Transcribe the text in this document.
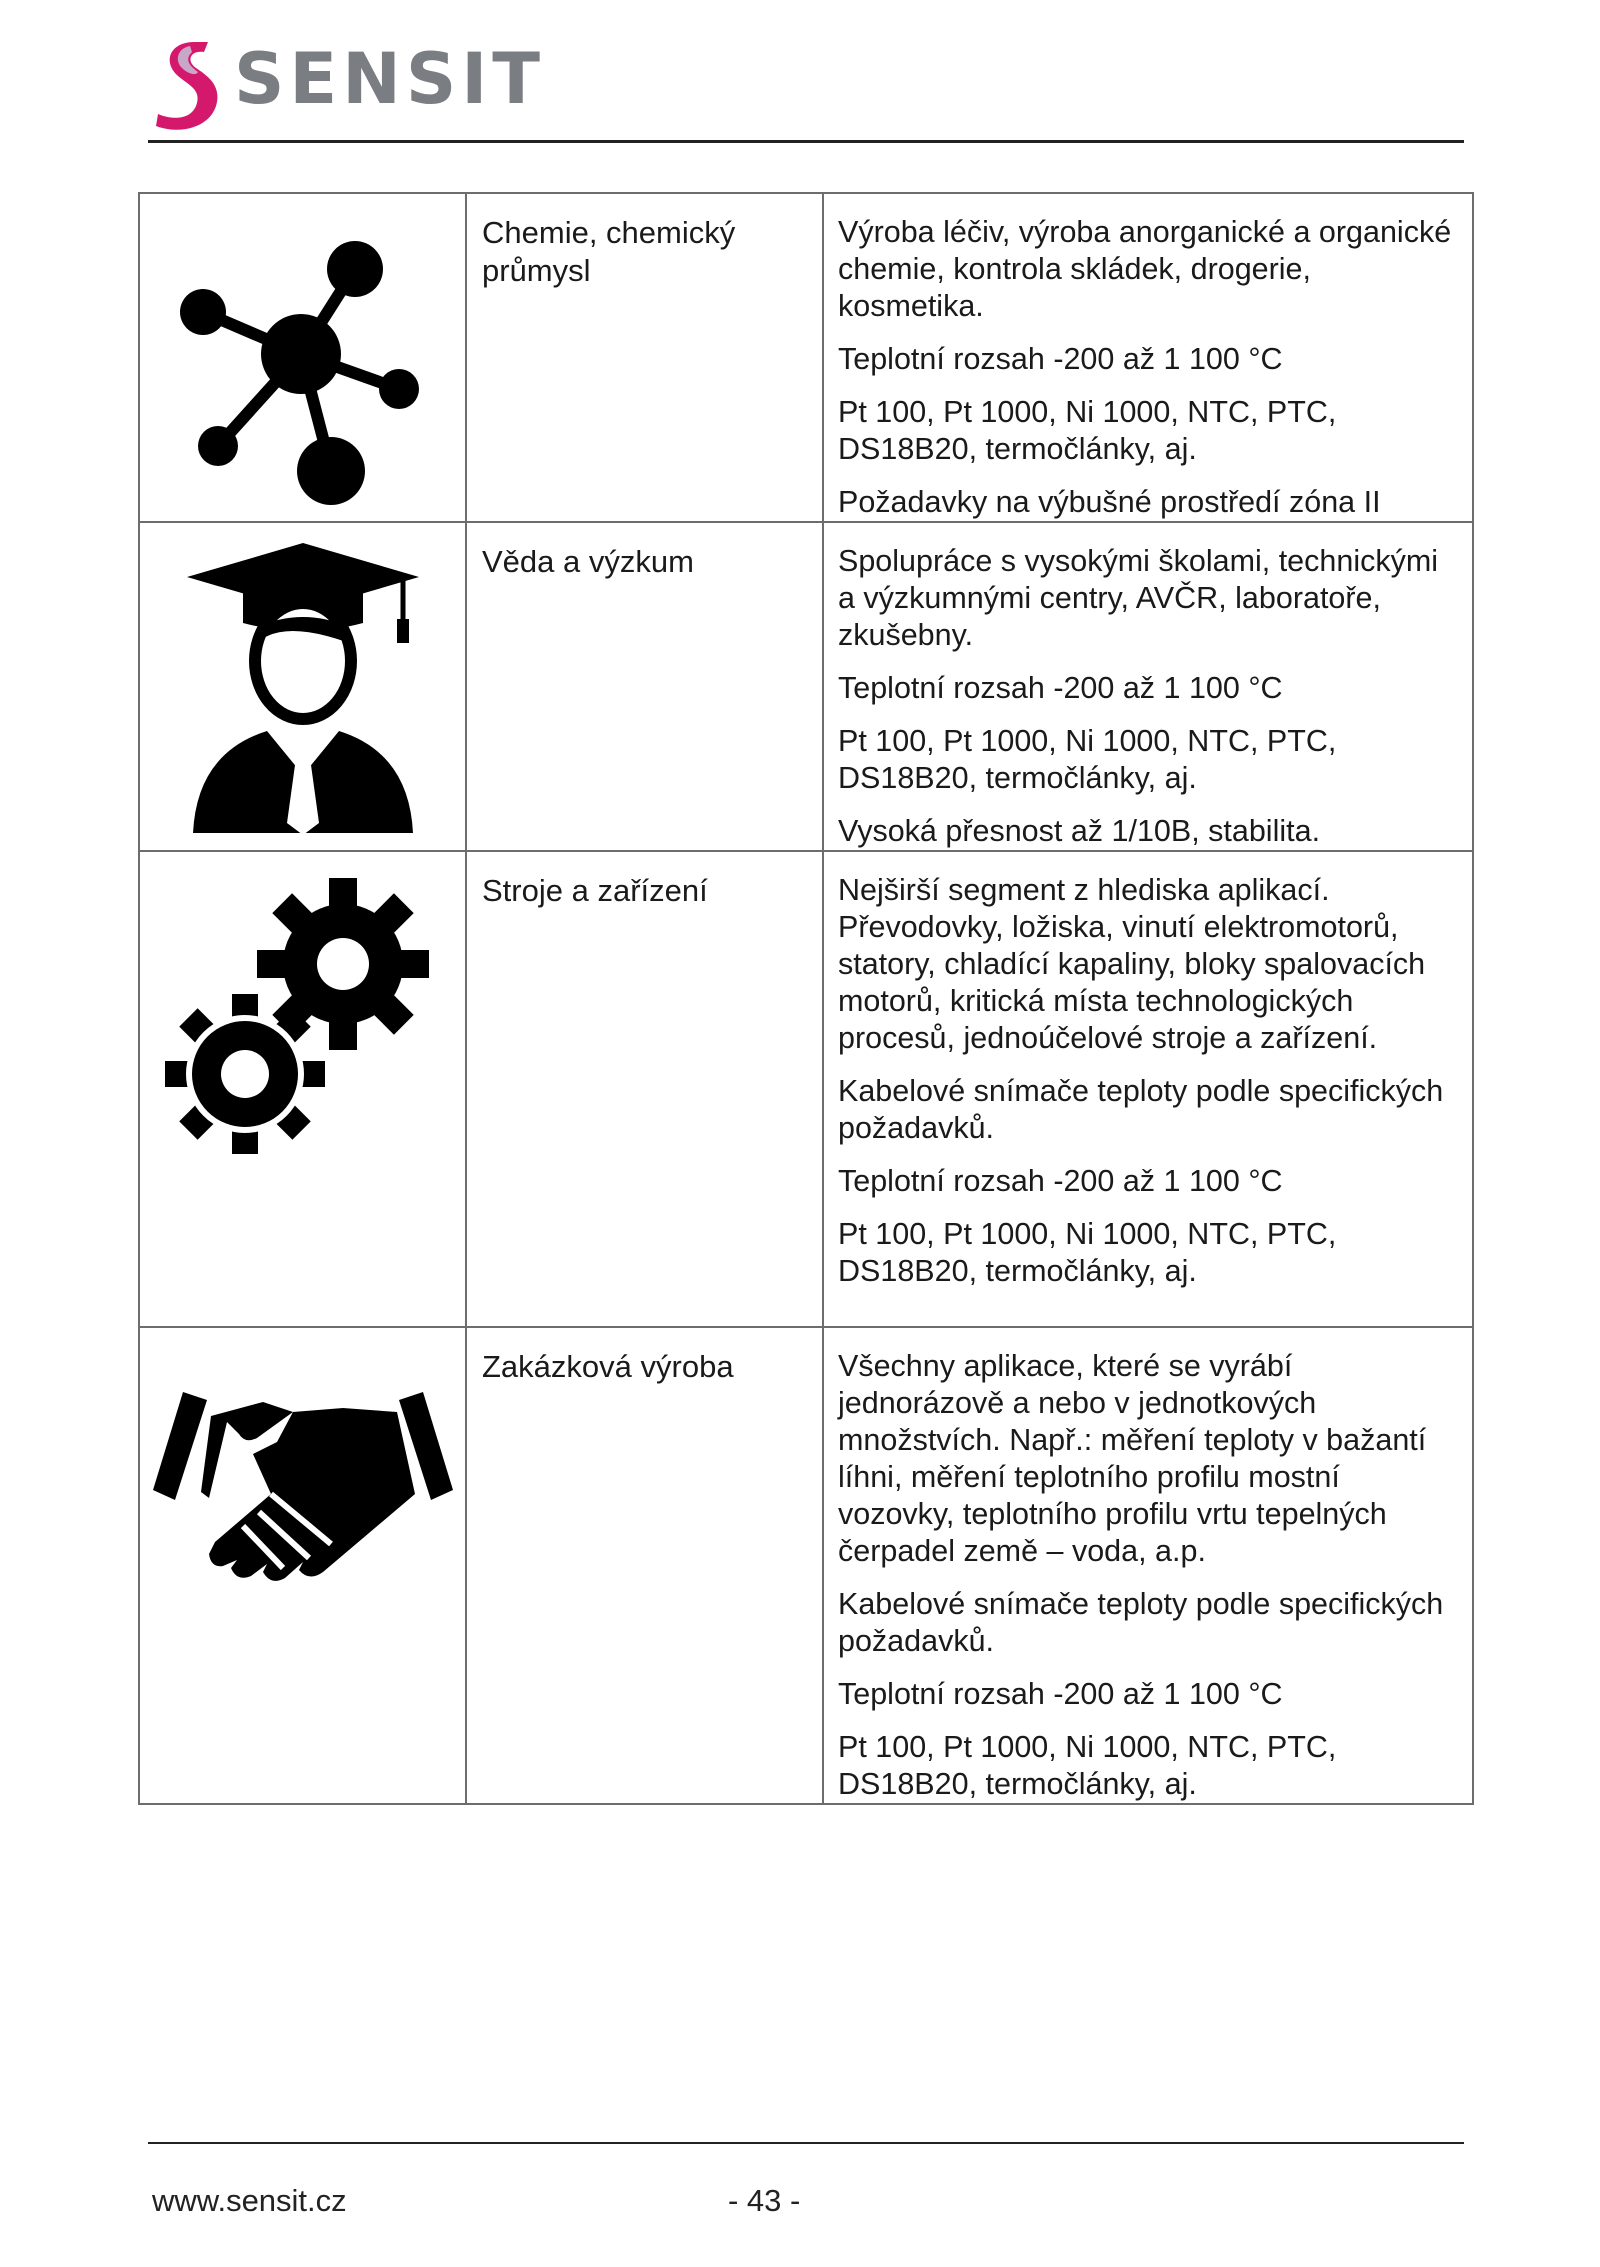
SENSIT

Chemie, chemický průmysl	Výroba léčiv, výroba anorganické a organické chemie, kontrola skládek, drogerie, kosmetika.

Teplotní rozsah -200 až 1 100 °C

Pt 100, Pt 1000, Ni 1000, NTC, PTC, DS18B20, termočlánky, aj.

Požadavky na výbušné prostředí zóna II

Věda a výzkum	Spolupráce s vysokými školami, technickými a výzkumnými centry, AVČR, laboratoře, zkušebny.

Teplotní rozsah -200 až 1 100 °C

Pt 100, Pt 1000, Ni 1000, NTC, PTC, DS18B20, termočlánky, aj.

Vysoká přesnost až 1/10B, stabilita.

Stroje a zařízení	Nejširší segment z hlediska aplikací. Převodovky, ložiska, vinutí elektromotorů, statory, chladící kapaliny, bloky spalovacích motorů, kritická místa technologických procesů, jednoúčelové stroje a zařízení.

Kabelové snímače teploty podle specifických požadavků.

Teplotní rozsah -200 až 1 100 °C

Pt 100, Pt 1000, Ni 1000, NTC, PTC, DS18B20, termočlánky, aj.

Zakázková výroba	Všechny aplikace, které se vyrábí jednorázově a nebo v jednotkových množstvích. Např.: měření teploty v bažantí líhni, měření teplotního profilu mostní vozovky, teplotního profilu vrtu tepelných čerpadel země – voda, a.p.

Kabelové snímače teploty podle specifických požadavků.

Teplotní rozsah -200 až 1 100 °C

Pt 100, Pt 1000, Ni 1000, NTC, PTC, DS18B20, termočlánky, aj.

www.sensit.cz	- 43 -
